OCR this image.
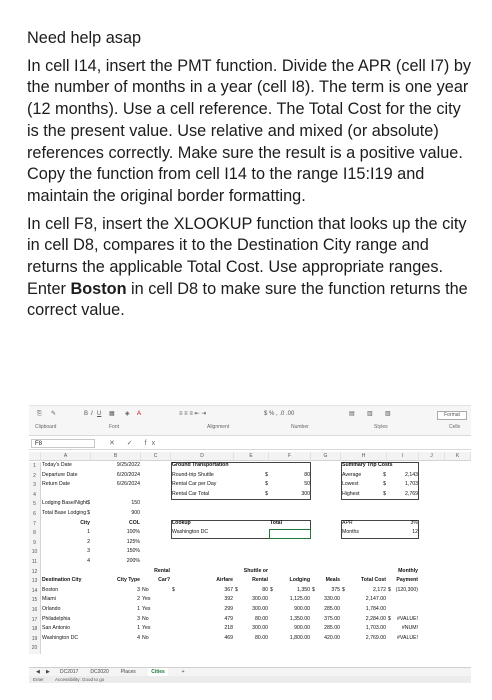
Need help asap

In cell I14, insert the PMT function. Divide the APR (cell I7) by the number of months in a year (cell I8). The term is one year (12 months). Use a cell reference. The Total Cost for the city is the present value. Use relative and mixed (or absolute) references correctly. Make sure the result is a positive value. Copy the function from cell I14 to the range I15:I19 and maintain the original border formatting.

In cell F8, insert the XLOOKUP function that looks up the city in cell D8, compares it to the Destination City range and returns the applicable Total Cost. Use appropriate ranges. Enter Boston in cell D8 to make sure the function returns the correct value.

⎘ ✎	B I U ▦ ◈ A	≡ ≡ ≡ ⇤ ⇥	$ % , .0 .00	▤ ▥ ▧	Format
Clipboard	Font	Alignment	Number	Styles	Cells
F8	✕ ✓ fx
A	B	C	D	E	F	G	H	I	J	K
1
2
3
4
5
6
7
8
9
10
11
12
13
14
15
16
17
18
19
20
Today's Date	9/25/2022
Departure Date	6/20/2024
Return Date	6/26/2024
Lodging Base/Night $	150
Total Base Lodging $	900
City	COL
1
2
3
4
100%
125%
150%
200%
Ground Transportation
Round-trip Shuttle	$	80
Rental Car per Day	$	50
Rental Car Total	$	300
Lookup	Total
Washington DC
Summary Trip Costs
Average	$	2,143
Lowest	$	1,703
Highest	$	2,769
APR	3%
Months	12
Rental
Car?
Shuttle or
Rental
Monthly
Payment
Destination City	City Type	Airfare	Lodging	Meals	Total Cost
Boston	3 No	$	367 $	80 $	1,350 $	375 $	2,172 $ (120,300)
Miami	2 Yes	392	300.00	1,125.00	330.00	2,147.00
Orlando	1 Yes	299	300.00	900.00	285.00	1,784.00
Philadelphia	3 No	479	80.00	1,350.00	375.00	2,284.00 $	#VALUE!
San Antonio	1 Yes	218	300.00	900.00	285.00	1,703.00	#NUM!
Washington DC	4 No	469	80.00	1,800.00	420.00	2,769.00	#VALUE!
◀	▶	DC2017	DC2020	Places	Cities	+
Enter	Accessibility: Good to go
